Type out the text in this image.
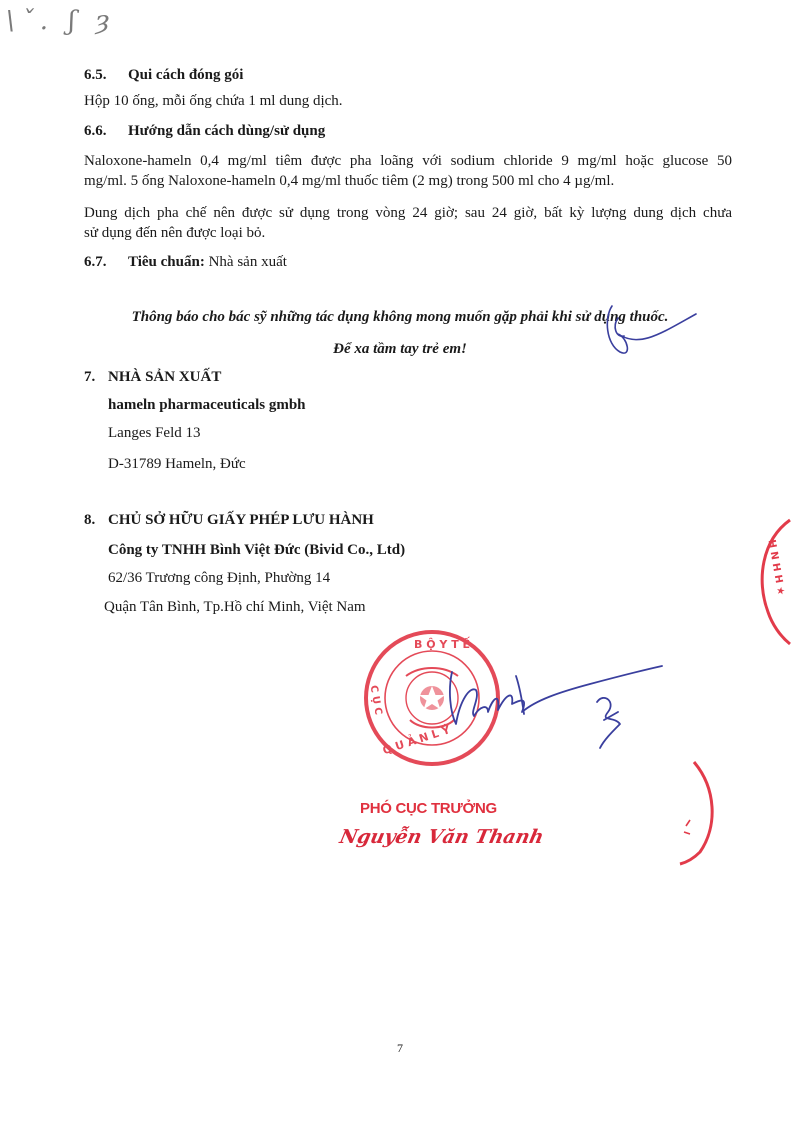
\ˇ. ʃ ȝ
6.5. Qui cách đóng gói
Hộp 10 ống, mỗi ống chứa 1 ml dung dịch.
6.6. Hướng dẫn cách dùng/sử dụng
Naloxone-hameln 0,4 mg/ml tiêm được pha loãng với sodium chloride 9 mg/ml hoặc glucose 50
mg/ml. 5 ống Naloxone-hameln 0,4 mg/ml thuốc tiêm (2 mg) trong 500 ml cho 4 µg/ml.
Dung dịch pha chế nên được sử dụng trong vòng 24 giờ; sau 24 giờ, bất kỳ lượng dung dịch chưa
sử dụng đến nên được loại bỏ.
6.7. Tiêu chuẩn: Nhà sản xuất
Thông báo cho bác sỹ những tác dụng không mong muốn gặp phải khi sử dụng thuốc.
Để xa tầm tay trẻ em!
7. NHÀ SẢN XUẤT
hameln pharmaceuticals gmbh
Langes Feld 13
D-31789 Hameln, Đức
8. CHỦ SỞ HỮU GIẤY PHÉP LƯU HÀNH
Công ty TNHH Bình Việt Đức (Bivid Co., Ltd)
62/36 Trương công Định, Phường 14
Quận Tân Bình, Tp.Hồ chí Minh, Việt Nam
B Ộ Y T Ế
Q U Ả N L Ý
C Ụ C
H N H H ★
PHÓ CỤC TRƯỞNG
Nguyễn Văn Thanh
7
